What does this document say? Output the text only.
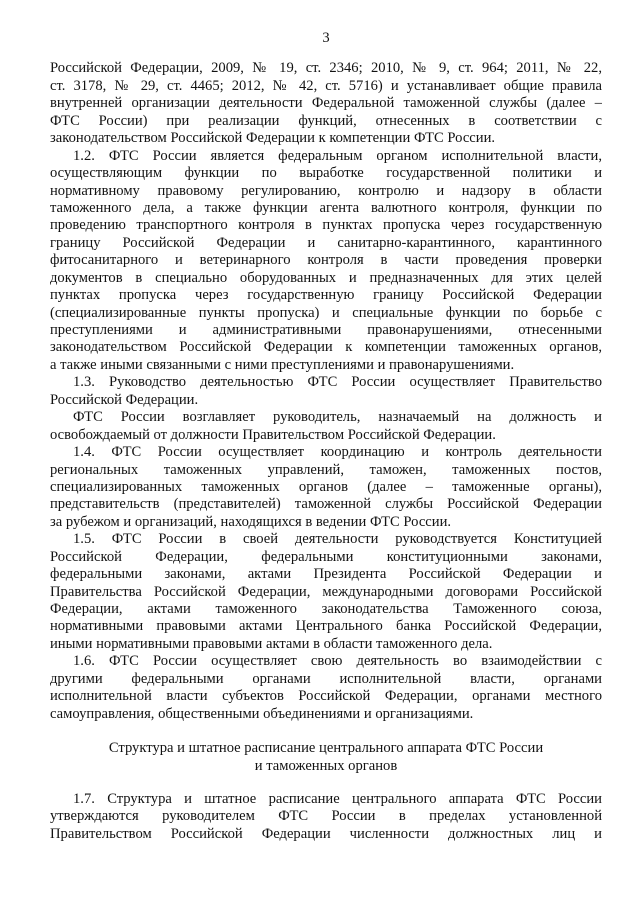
3
Российской Федерации, 2009, № 19, ст. 2346; 2010, № 9, ст. 964; 2011, № 22,
ст. 3178, № 29, ст. 4465; 2012, № 42, ст. 5716) и устанавливает общие правила
внутренней организации деятельности Федеральной таможенной службы (далее –
ФТС России) при реализации функций, отнесенных в соответствии с
законодательством Российской Федерации к компетенции ФТС России.
1.2. ФТС России является федеральным органом исполнительной власти,
осуществляющим функции по выработке государственной политики и
нормативному правовому регулированию, контролю и надзору в области
таможенного дела, а также функции агента валютного контроля, функции по
проведению транспортного контроля в пунктах пропуска через государственную
границу Российской Федерации и санитарно-карантинного, карантинного
фитосанитарного и ветеринарного контроля в части проведения проверки
документов в специально оборудованных и предназначенных для этих целей
пунктах пропуска через государственную границу Российской Федерации
(специализированные пункты пропуска) и специальные функции по борьбе с
преступлениями и административными правонарушениями, отнесенными
законодательством Российской Федерации к компетенции таможенных органов,
а также иными связанными с ними преступлениями и правонарушениями.
1.3. Руководство деятельностью ФТС России осуществляет Правительство
Российской Федерации.
ФТС России возглавляет руководитель, назначаемый на должность и
освобождаемый от должности Правительством Российской Федерации.
1.4. ФТС России осуществляет координацию и контроль деятельности
региональных таможенных управлений, таможен, таможенных постов,
специализированных таможенных органов (далее – таможенные органы),
представительств (представителей) таможенной службы Российской Федерации
за рубежом и организаций, находящихся в ведении ФТС России.
1.5. ФТС России в своей деятельности руководствуется Конституцией
Российской Федерации, федеральными конституционными законами,
федеральными законами, актами Президента Российской Федерации и
Правительства Российской Федерации, международными договорами Российской
Федерации, актами таможенного законодательства Таможенного союза,
нормативными правовыми актами Центрального банка Российской Федерации,
иными нормативными правовыми актами в области таможенного дела.
1.6. ФТС России осуществляет свою деятельность во взаимодействии с
другими федеральными органами исполнительной власти, органами
исполнительной власти субъектов Российской Федерации, органами местного
самоуправления, общественными объединениями и организациями.
Структура и штатное расписание центрального аппарата ФТС России
и таможенных органов
1.7. Структура и штатное расписание центрального аппарата ФТС России
утверждаются руководителем ФТС России в пределах установленной
Правительством Российской Федерации численности должностных лиц и
